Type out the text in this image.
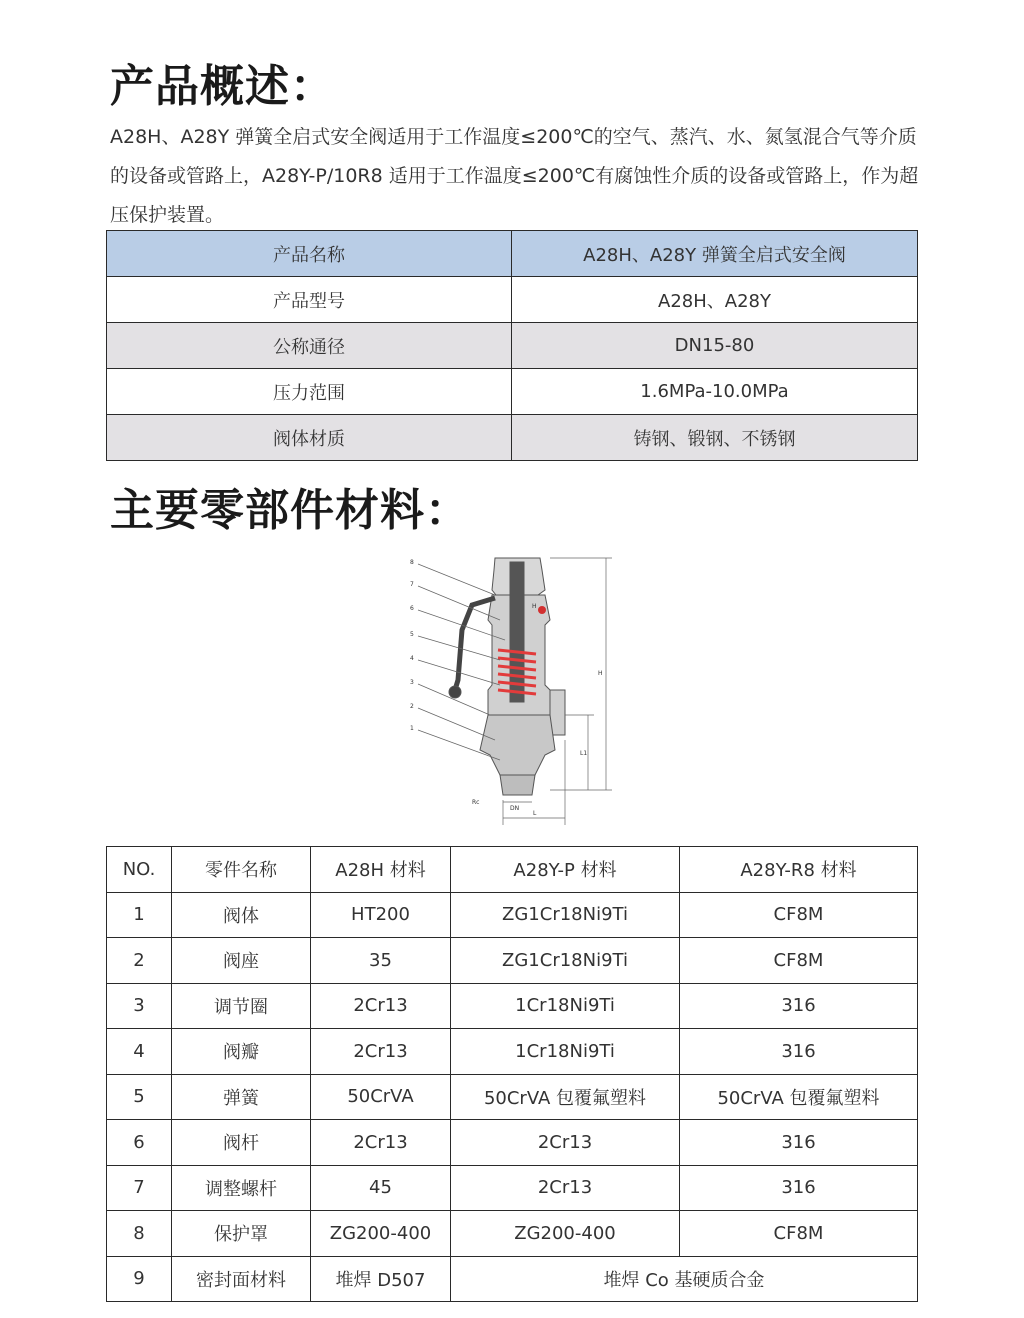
产品概述：

A28H、A28Y 弹簧全启式安全阀适用于工作温度≤200℃的空气、蒸汽、水、氮氢混合气等介质的设备或管路上，A28Y-P/10R8 适用于工作温度≤200℃有腐蚀性介质的设备或管路上，作为超压保护装置。

产品名称	A28H、A28Y 弹簧全启式安全阀
产品型号	A28H、A28Y
公称通径	DN15-80
压力范围	1.6MPa-10.0MPa
阀体材质	铸钢、锻钢、不锈钢
主要零部件材料：
8
7
6
5
4
3
2
1
H
H
L1
DN
L
Rc
NO.	零件名称	A28H 材料	A28Y-P 材料	A28Y-R8 材料
1	阀体	HT200	ZG1Cr18Ni9Ti	CF8M
2	阀座	35	ZG1Cr18Ni9Ti	CF8M
3	调节圈	2Cr13	1Cr18Ni9Ti	316
4	阀瓣	2Cr13	1Cr18Ni9Ti	316
5	弹簧	50CrVA	50CrVA 包覆氟塑料	50CrVA 包覆氟塑料
6	阀杆	2Cr13	2Cr13	316
7	调整螺杆	45	2Cr13	316
8	保护罩	ZG200-400	ZG200-400	CF8M
9	密封面材料	堆焊 D507	堆焊 Co 基硬质合金	
